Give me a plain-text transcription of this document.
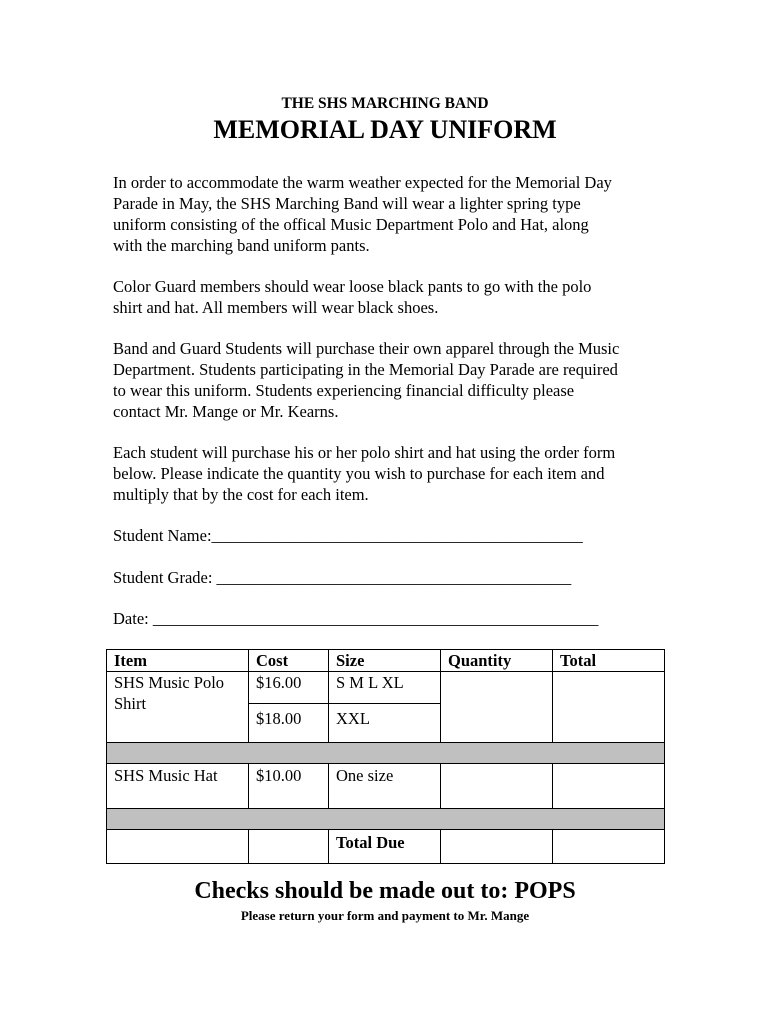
THE SHS MARCHING BAND
MEMORIAL DAY UNIFORM
In order to accommodate the warm weather expected for the Memorial Day
Parade in May, the SHS Marching Band will wear a lighter spring type
uniform consisting of the offical Music Department Polo and Hat, along
with the marching band uniform pants.
Color Guard members should wear loose black pants to go with the polo
shirt and hat. All members will wear black shoes.
Band and Guard Students will purchase their own apparel through the Music
Department. Students participating in the Memorial Day Parade are required
to wear this uniform. Students experiencing financial difficulty please
contact Mr. Mange or Mr. Kearns.
Each student will purchase his or her polo shirt and hat using the order form
below. Please indicate the quantity you wish to purchase for each item and
multiply that by the cost for each item.
Student Name:_____________________________________________
Student Grade: ___________________________________________
Date: ______________________________________________________
Item	Cost	Size	Quantity	Total
SHS Music Polo Shirt	$16.00	S M L XL		
	$18.00	XXL		

SHS Music Hat	$10.00	One size		

		Total Due		
Checks should be made out to: POPS
Please return your form and payment to Mr. Mange
